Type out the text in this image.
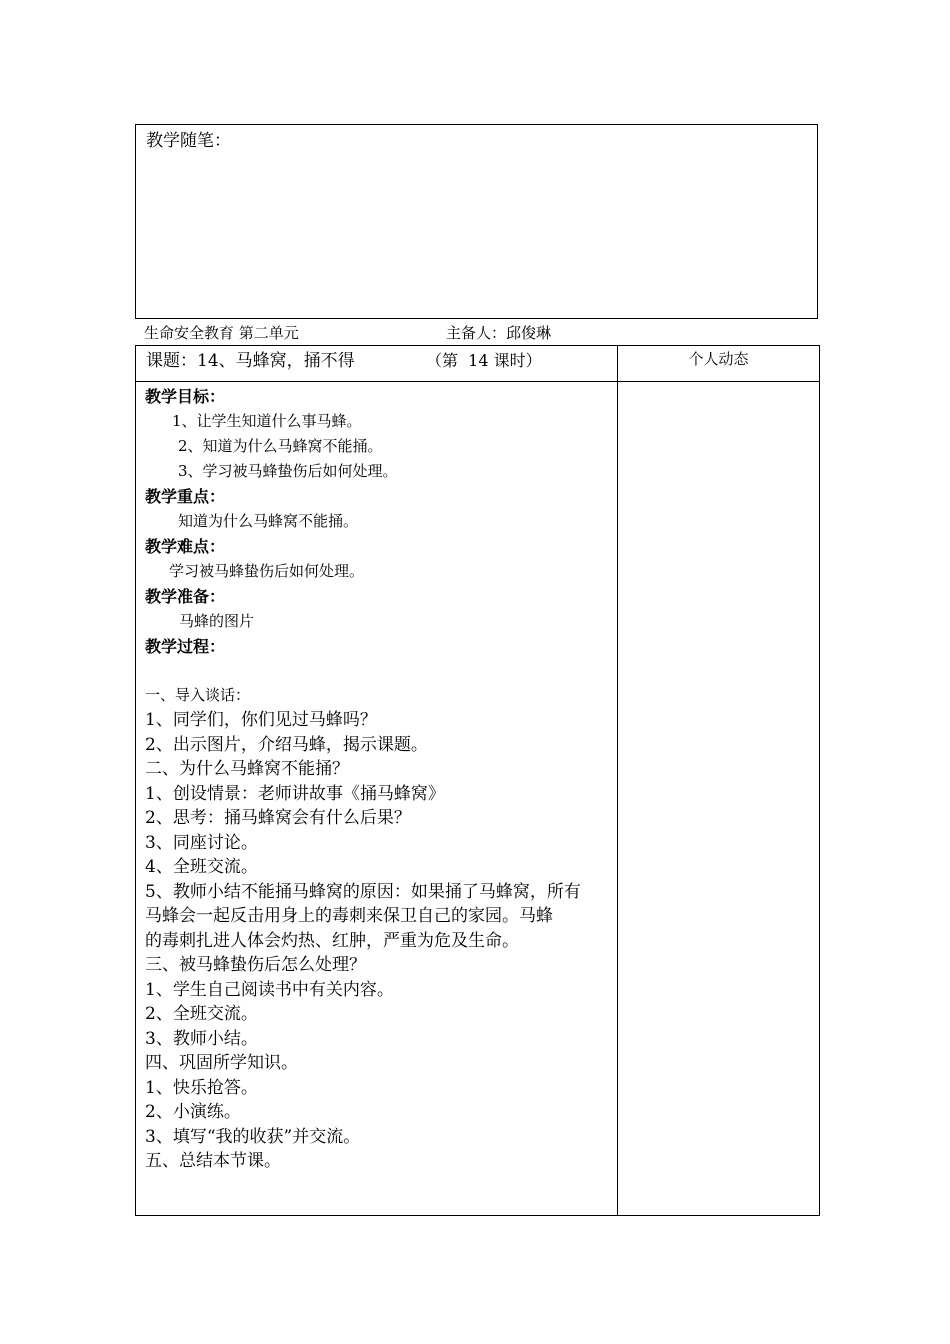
教学随笔：
生命安全教育 第二单元	主备人：邱俊琳
课题：14、马蜂窝，捅不得	（第  14 课时）	个人动态

教学目标：

1、让学生知道什么事马蜂。

2、知道为什么马蜂窝不能捅。

3、学习被马蜂蛰伤后如何处理。

教学重点：

知道为什么马蜂窝不能捅。

教学难点：

学习被马蜂蛰伤后如何处理。

教学准备：

马蜂的图片

教学过程：

一、导入谈话：

1、同学们，你们见过马蜂吗？

2、出示图片，介绍马蜂，揭示课题。

二、为什么马蜂窝不能捅？

1、创设情景：老师讲故事《捅马蜂窝》

2、思考：捅马蜂窝会有什么后果？

3、同座讨论。

4、全班交流。

5、教师小结不能捅马蜂窝的原因：如果捅了马蜂窝，所有

马蜂会一起反击用身上的毒刺来保卫自己的家园。马蜂

的毒刺扎进人体会灼热、红肿，严重为危及生命。

三、被马蜂蛰伤后怎么处理？

1、学生自己阅读书中有关内容。

2、全班交流。

3、教师小结。

四、巩固所学知识。

1、快乐抢答。

2、小演练。

3、填写“我的收获”并交流。

五、总结本节课。
